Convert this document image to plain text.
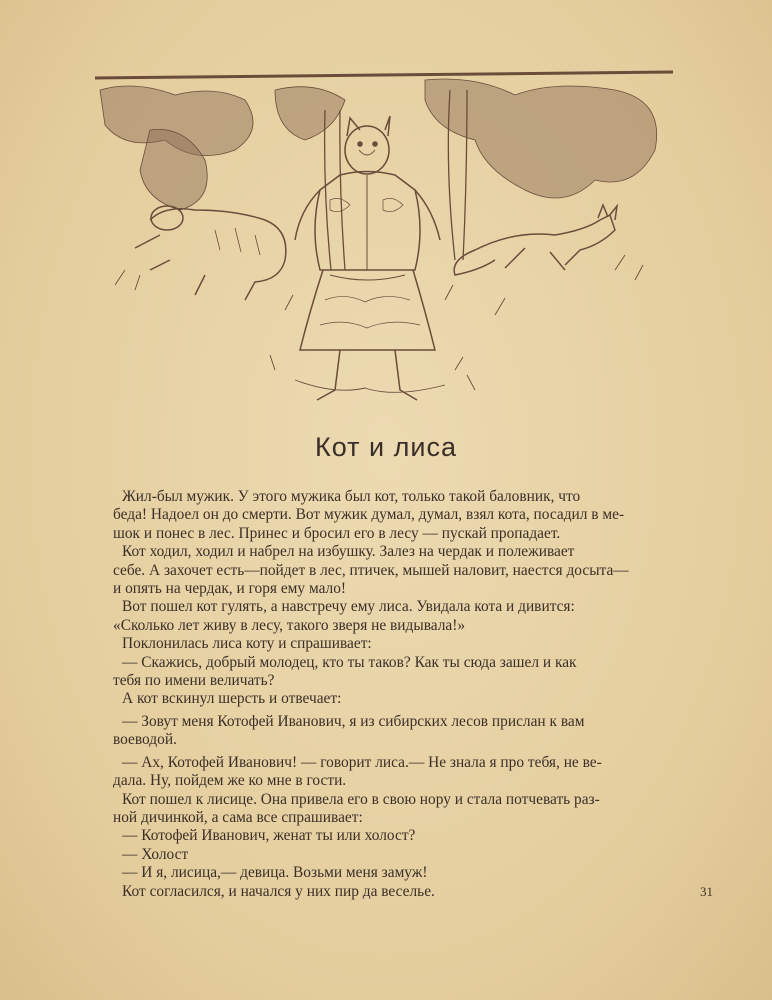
Кот и лиса

Жил-был мужик. У этого мужика был кот, только такой баловник, что

беда! Надоел он до смерти. Вот мужик думал, думал, взял кота, посадил в ме-

шок и понес в лес. Принес и бросил его в лесу — пускай пропадает.

Кот ходил, ходил и набрел на избушку. Залез на чердак и полеживает

себе. А захочет есть—пойдет в лес, птичек, мышей наловит, наестся досыта—

и опять на чердак, и горя ему мало!

Вот пошел кот гулять, а навстречу ему лиса. Увидала кота и дивится:

«Сколько лет живу в лесу, такого зверя не видывала!»

Поклонилась лиса коту и спрашивает:

— Скажись, добрый молодец, кто ты таков? Как ты сюда зашел и как

тебя по имени величать?

А кот вскинул шерсть и отвечает:

— Зовут меня Котофей Иванович, я из сибирских лесов прислан к вам

воеводой.

— Ах, Котофей Иванович! — говорит лиса.— Не знала я про тебя, не ве-

дала. Ну, пойдем же ко мне в гости.

Кот пошел к лисице. Она привела его в свою нору и стала потчевать раз-

ной дичинкой, а сама все спрашивает:

— Котофей Иванович, женат ты или холост?

— Холост

— И я, лисица,— девица. Возьми меня замуж!

Кот согласился, и начался у них пир да веселье.	31
